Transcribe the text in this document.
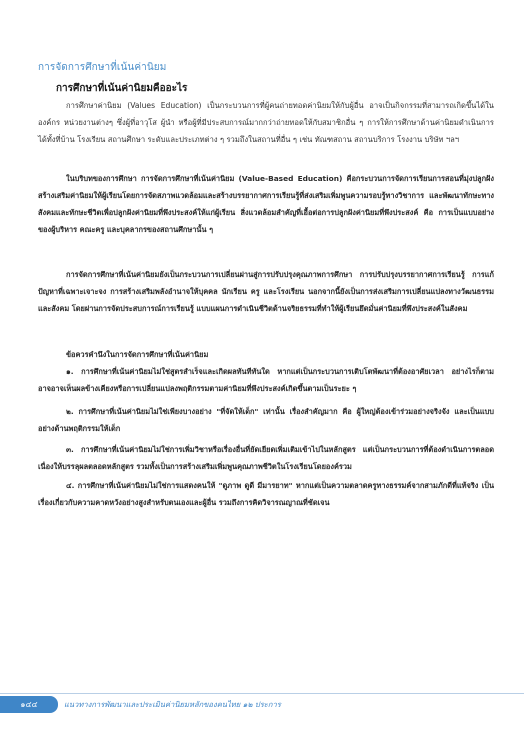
การจัดการศึกษาที่เน้นค่านิยม
การศึกษาที่เน้นค่านิยมคืออะไร

การศึกษาค่านิยม (Values Education) เป็นกระบวนการที่ผู้คนถ่ายทอดค่านิยมให้กับผู้อื่น อาจเป็นกิจกรรมที่สามารถเกิดขึ้นได้ในองค์กร หน่วยงานต่างๆ ซึ่งผู้ที่อาวุโส ผู้นำ หรือผู้ที่มีประสบการณ์มากกว่าถ่ายทอดให้กับสมาชิกอื่น ๆ การให้การศึกษาด้านค่านิยมดำเนินการได้ทั้งที่บ้าน โรงเรียน สถานศึกษา ระดับและประเภทต่าง ๆ รวมถึงในสถานที่อื่น ๆ เช่น ทัณฑสถาน สถานบริการ โรงงาน บริษัท ฯลฯ

ในบริบทของการศึกษา การจัดการศึกษาที่เน้นค่านิยม (Value-Based Education) คือกระบวนการจัดการเรียนการสอนที่มุ่งปลูกฝังสร้างเสริมค่านิยมให้ผู้เรียนโดยการจัดสภาพแวดล้อมและสร้างบรรยากาศการเรียนรู้ที่ส่งเสริมเพิ่มพูนความรอบรู้ทางวิชาการ และพัฒนาทักษะทางสังคมและทักษะชีวิตเพื่อปลูกฝังค่านิยมที่พึงประสงค์ให้แก่ผู้เรียน สิ่งแวดล้อมสำคัญที่เอื้อต่อการปลูกฝังค่านิยมที่พึงประสงค์ คือ การเป็นแบบอย่างของผู้บริหาร คณะครู และบุคลากรของสถานศึกษานั้น ๆ

การจัดการศึกษาที่เน้นค่านิยมยังเป็นกระบวนการเปลี่ยนผ่านสู่การปรับปรุงคุณภาพการศึกษา การปรับปรุงบรรยากาศการเรียนรู้ การแก้ปัญหาที่เฉพาะเจาะจง การสร้างเสริมพลังอำนาจให้บุคคล นักเรียน ครู และโรงเรียน นอกจากนี้ยังเป็นการส่งเสริมการเปลี่ยนแปลงทางวัฒนธรรมและสังคม โดยผ่านการจัดประสบการณ์การเรียนรู้ แบบแผนการดำเนินชีวิตด้านจริยธรรมที่ทำให้ผู้เรียนยึดมั่นค่านิยมที่พึงประสงค์ในสังคม

ข้อควรคำนึงในการจัดการศึกษาที่เน้นค่านิยม

๑. การศึกษาที่เน้นค่านิยมไม่ใช่สูตรสำเร็จและเกิดผลทันทีทันใด หากแต่เป็นกระบวนการเติบโตพัฒนาที่ต้องอาศัยเวลา อย่างไรก็ตาม อาจอาจเห็นผลข้างเคียงหรือการเปลี่ยนแปลงพฤติกรรมตามค่านิยมที่พึงประสงค์เกิดขึ้นตามเป็นระยะ ๆ

๒. การศึกษาที่เน้นค่านิยมไม่ใช่เพียงบางอย่าง "ที่จัดให้เด็ก" เท่านั้น เรื่องสำคัญมาก คือ ผู้ใหญ่ต้องเข้าร่วมอย่างจริงจัง และเป็นแบบอย่างด้านพฤติกรรมให้เด็ก

๓. การศึกษาที่เน้นค่านิยมไม่ใช่การเพิ่มวิชาหรือเรื่องอื่นที่ยัดเยียดเพิ่มเติมเข้าไปในหลักสูตร แต่เป็นกระบวนการที่ต้องดำเนินการตลอดเนื่องให้บรรลุผลตลอดหลักสูตร รวมทั้งเป็นการสร้างเสริมเพิ่มพูนคุณภาพชีวิตในโรงเรียนโดยองค์รวม

๔. การศึกษาที่เน้นค่านิยมไม่ใช่การแสดงคนให้ "ดูภาพ ดูดี มีมารยาท" หากแต่เป็นความตลาดครูทางธรรมค์จากสามภักดีที่แท้จริง เป็นเรื่องเกี่ยวกับความคาดหวังอย่างสูงสำหรับตนเองและผู้อื่น รวมถึงการคิดวิจารณญาณที่ชัดเจน

๑๔๔	แนวทางการพัฒนาและประเมินค่านิยมหลักของคนไทย ๑๒ ประการ
